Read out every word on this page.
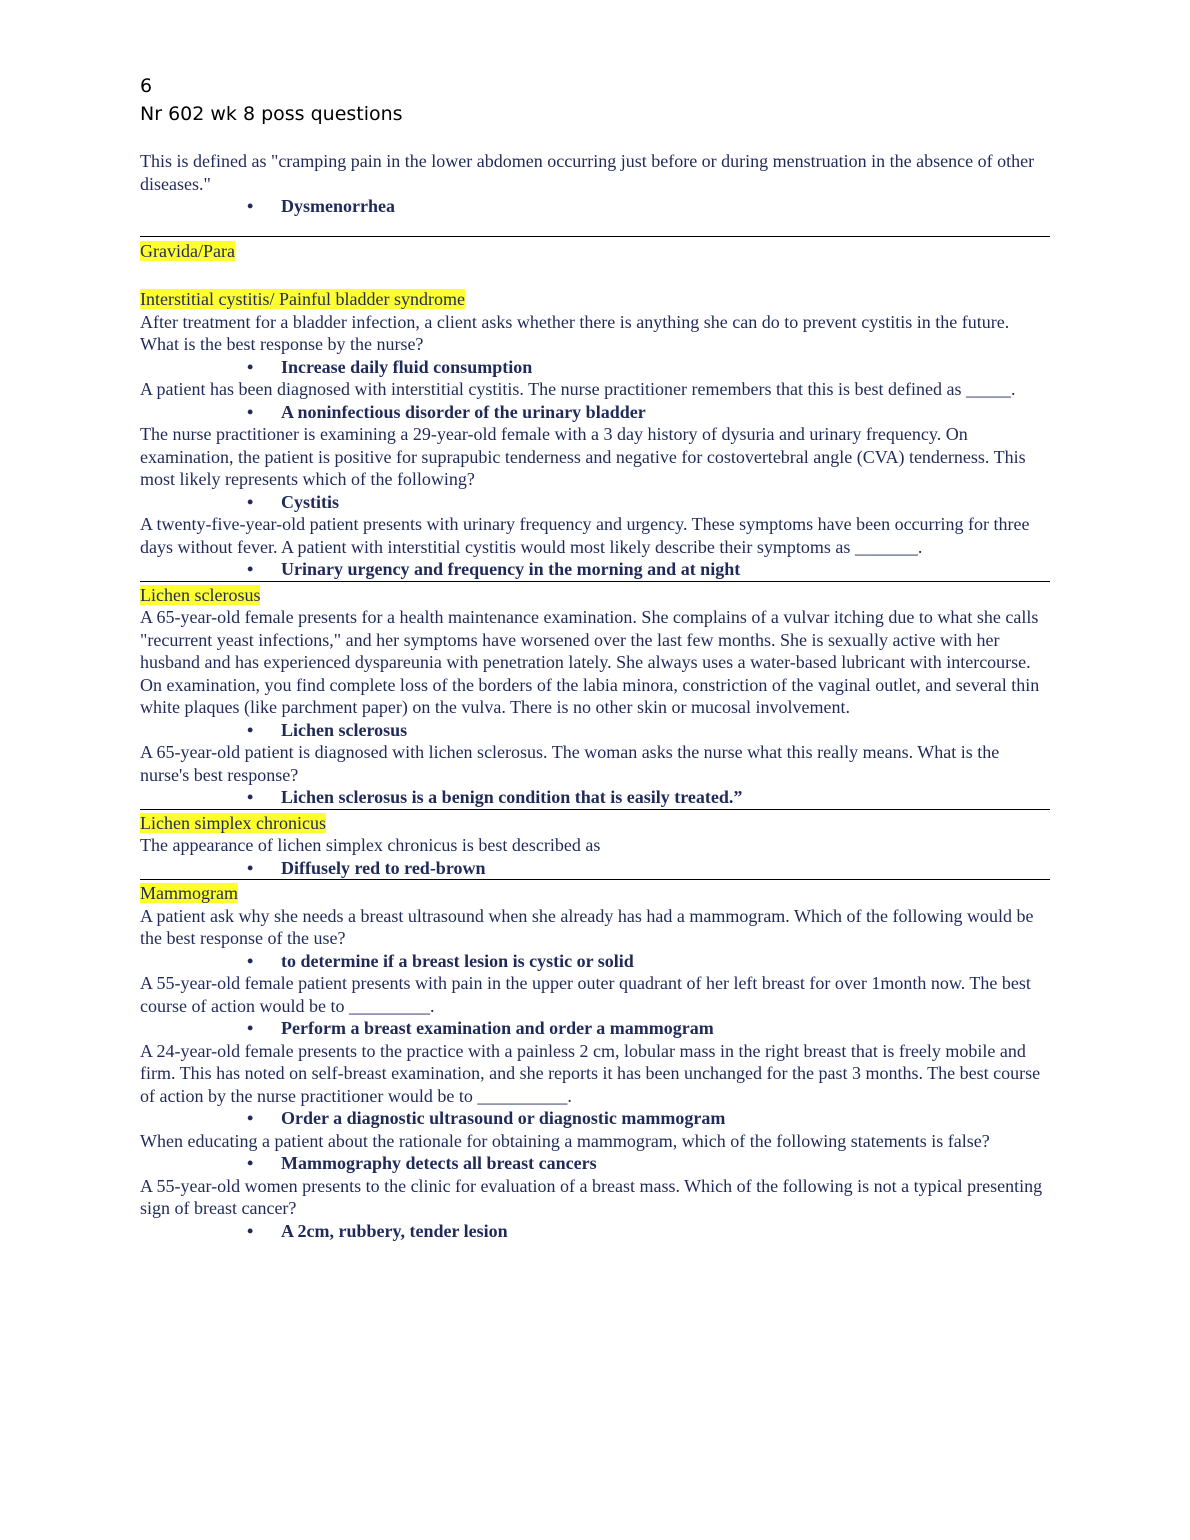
6
Nr 602 wk 8 poss questions

This is defined as "cramping pain in the lower abdomen occurring just before or during menstruation in the absence of other diseases."

• Dysmenorrhea

Gravida/Para

Interstitial cystitis/ Painful bladder syndrome

After treatment for a bladder infection, a client asks whether there is anything she can do to prevent cystitis in the future. What is the best response by the nurse?

• Increase daily fluid consumption

A patient has been diagnosed with interstitial cystitis. The nurse practitioner remembers that this is best defined as _____.

• A noninfectious disorder of the urinary bladder

The nurse practitioner is examining a 29-year-old female with a 3 day history of dysuria and urinary frequency. On examination, the patient is positive for suprapubic tenderness and negative for costovertebral angle (CVA) tenderness. This most likely represents which of the following?

• Cystitis

A twenty-five-year-old patient presents with urinary frequency and urgency. These symptoms have been occurring for three days without fever. A patient with interstitial cystitis would most likely describe their symptoms as _______.

• Urinary urgency and frequency in the morning and at night

Lichen sclerosus

A 65-year-old female presents for a health maintenance examination. She complains of a vulvar itching due to what she calls "recurrent yeast infections," and her symptoms have worsened over the last few months. She is sexually active with her husband and has experienced dyspareunia with penetration lately. She always uses a water-based lubricant with intercourse. On examination, you find complete loss of the borders of the labia minora, constriction of the vaginal outlet, and several thin white plaques (like parchment paper) on the vulva. There is no other skin or mucosal involvement.

• Lichen sclerosus

A 65-year-old patient is diagnosed with lichen sclerosus. The woman asks the nurse what this really means. What is the nurse's best response?

• Lichen sclerosus is a benign condition that is easily treated.”

Lichen simplex chronicus

The appearance of lichen simplex chronicus is best described as

• Diffusely red to red-brown

Mammogram

A patient ask why she needs a breast ultrasound when she already has had a mammogram. Which of the following would be the best response of the use?

• to determine if a breast lesion is cystic or solid

A 55-year-old female patient presents with pain in the upper outer quadrant of her left breast for over 1month now. The best course of action would be to _________.

• Perform a breast examination and order a mammogram

A 24-year-old female presents to the practice with a painless 2 cm, lobular mass in the right breast that is freely mobile and firm. This has noted on self-breast examination, and she reports it has been unchanged for the past 3 months. The best course of action by the nurse practitioner would be to __________.

• Order a diagnostic ultrasound or diagnostic mammogram

When educating a patient about the rationale for obtaining a mammogram, which of the following statements is false?

• Mammography detects all breast cancers

A 55-year-old women presents to the clinic for evaluation of a breast mass. Which of the following is not a typical presenting sign of breast cancer?

• A 2cm, rubbery, tender lesion
